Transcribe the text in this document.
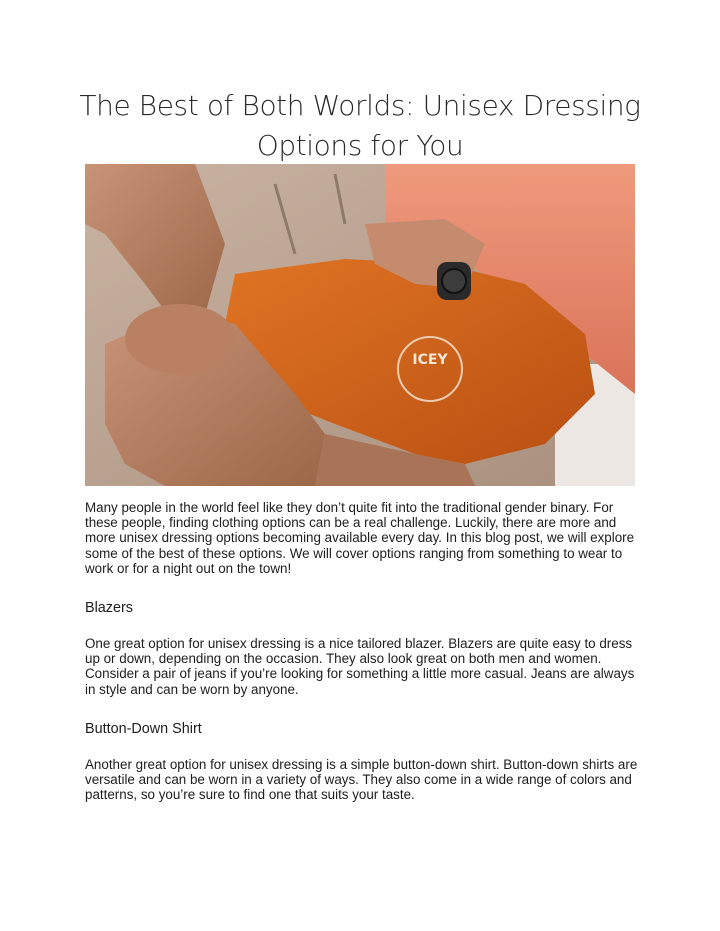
The Best of Both Worlds: Unisex Dressing
Options for You
ICEY

Many people in the world feel like they don’t quite fit into the traditional gender binary. For these people, finding clothing options can be a real challenge. Luckily, there are more and more unisex dressing options becoming available every day. In this blog post, we will explore some of the best of these options. We will cover options ranging from something to wear to work or for a night out on the town!

Blazers

One great option for unisex dressing is a nice tailored blazer. Blazers are quite easy to dress up or down, depending on the occasion. They also look great on both men and women. Consider a pair of jeans if you’re looking for something a little more casual. Jeans are always in style and can be worn by anyone.

Button-Down Shirt

Another great option for unisex dressing is a simple button-down shirt. Button-down shirts are versatile and can be worn in a variety of ways. They also come in a wide range of colors and patterns, so you’re sure to find one that suits your taste.
